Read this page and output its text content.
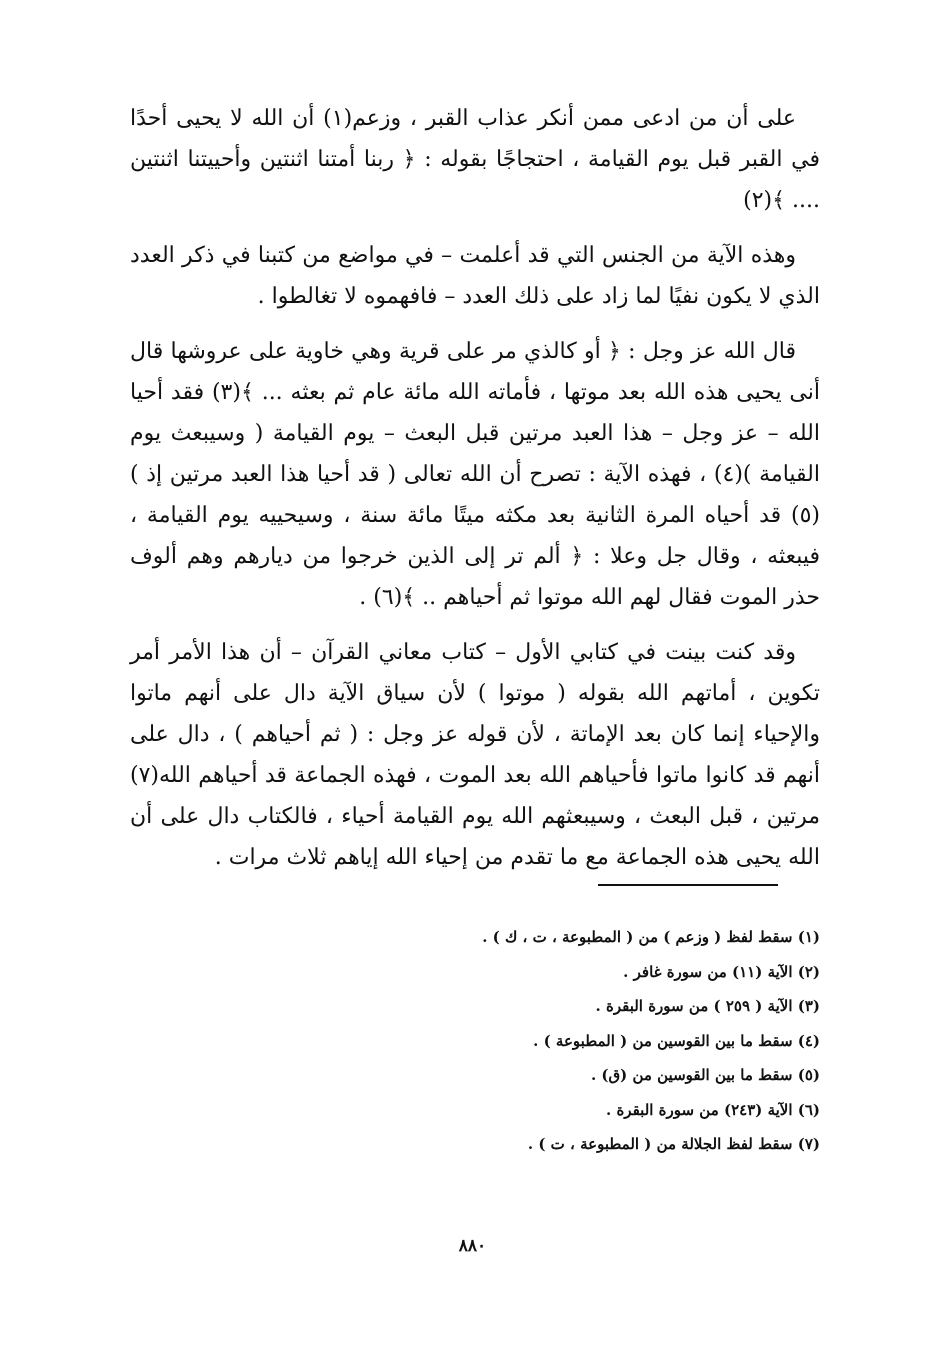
على أن من ادعى ممن أنكر عذاب القبر ، وزعم(١) أن الله لا يحيى أحدًا في القبر قبل يوم القيامة ، احتجاجًا بقوله : ﴿ ربنا أمتنا اثنتين وأحييتنا اثنتين .... ﴾(٢)

وهذه الآية من الجنس التي قد أعلمت – في مواضع من كتبنا في ذكر العدد الذي لا يكون نفيًا لما زاد على ذلك العدد – فافهموه لا تغالطوا .

قال الله عز وجل : ﴿ أو كالذي مر على قرية وهي خاوية على عروشها قال أنى يحيى هذه الله بعد موتها ، فأماته الله مائة عام ثم بعثه ... ﴾(٣) فقد أحيا الله – عز وجل – هذا العبد مرتين قبل البعث – يوم القيامة ( وسيبعث يوم القيامة )(٤) ، فهذه الآية : تصرح أن الله تعالى ( قد أحيا هذا العبد مرتين إذ )(٥) قد أحياه المرة الثانية بعد مكثه ميتًا مائة سنة ، وسيحييه يوم القيامة ، فيبعثه ، وقال جل وعلا : ﴿ ألم تر إلى الذين خرجوا من ديارهم وهم ألوف حذر الموت فقال لهم الله موتوا ثم أحياهم .. ﴾(٦) .

وقد كنت بينت في كتابي الأول – كتاب معاني القرآن – أن هذا الأمر أمر تكوين ، أماتهم الله بقوله ( موتوا ) لأن سياق الآية دال على أنهم ماتوا والإحياء إنما كان بعد الإماتة ، لأن قوله عز وجل : ( ثم أحياهم ) ، دال على أنهم قد كانوا ماتوا فأحياهم الله بعد الموت ، فهذه الجماعة قد أحياهم الله(٧) مرتين ، قبل البعث ، وسيبعثهم الله يوم القيامة أحياء ، فالكتاب دال على أن الله يحيى هذه الجماعة مع ما تقدم من إحياء الله إياهم ثلاث مرات .

(١) سقط لفظ ( وزعم ) من ( المطبوعة ، ت ، ك ) .
(٢) الآية (١١) من سورة غافر .
(٣) الآية ( ٢٥٩ ) من سورة البقرة .
(٤) سقط ما بين القوسين من ( المطبوعة ) .
(٥) سقط ما بين القوسين من (ق) .
(٦) الآية (٢٤٣) من سورة البقرة .
(٧) سقط لفظ الجلالة من ( المطبوعة ، ت ) .
٨٨٠
